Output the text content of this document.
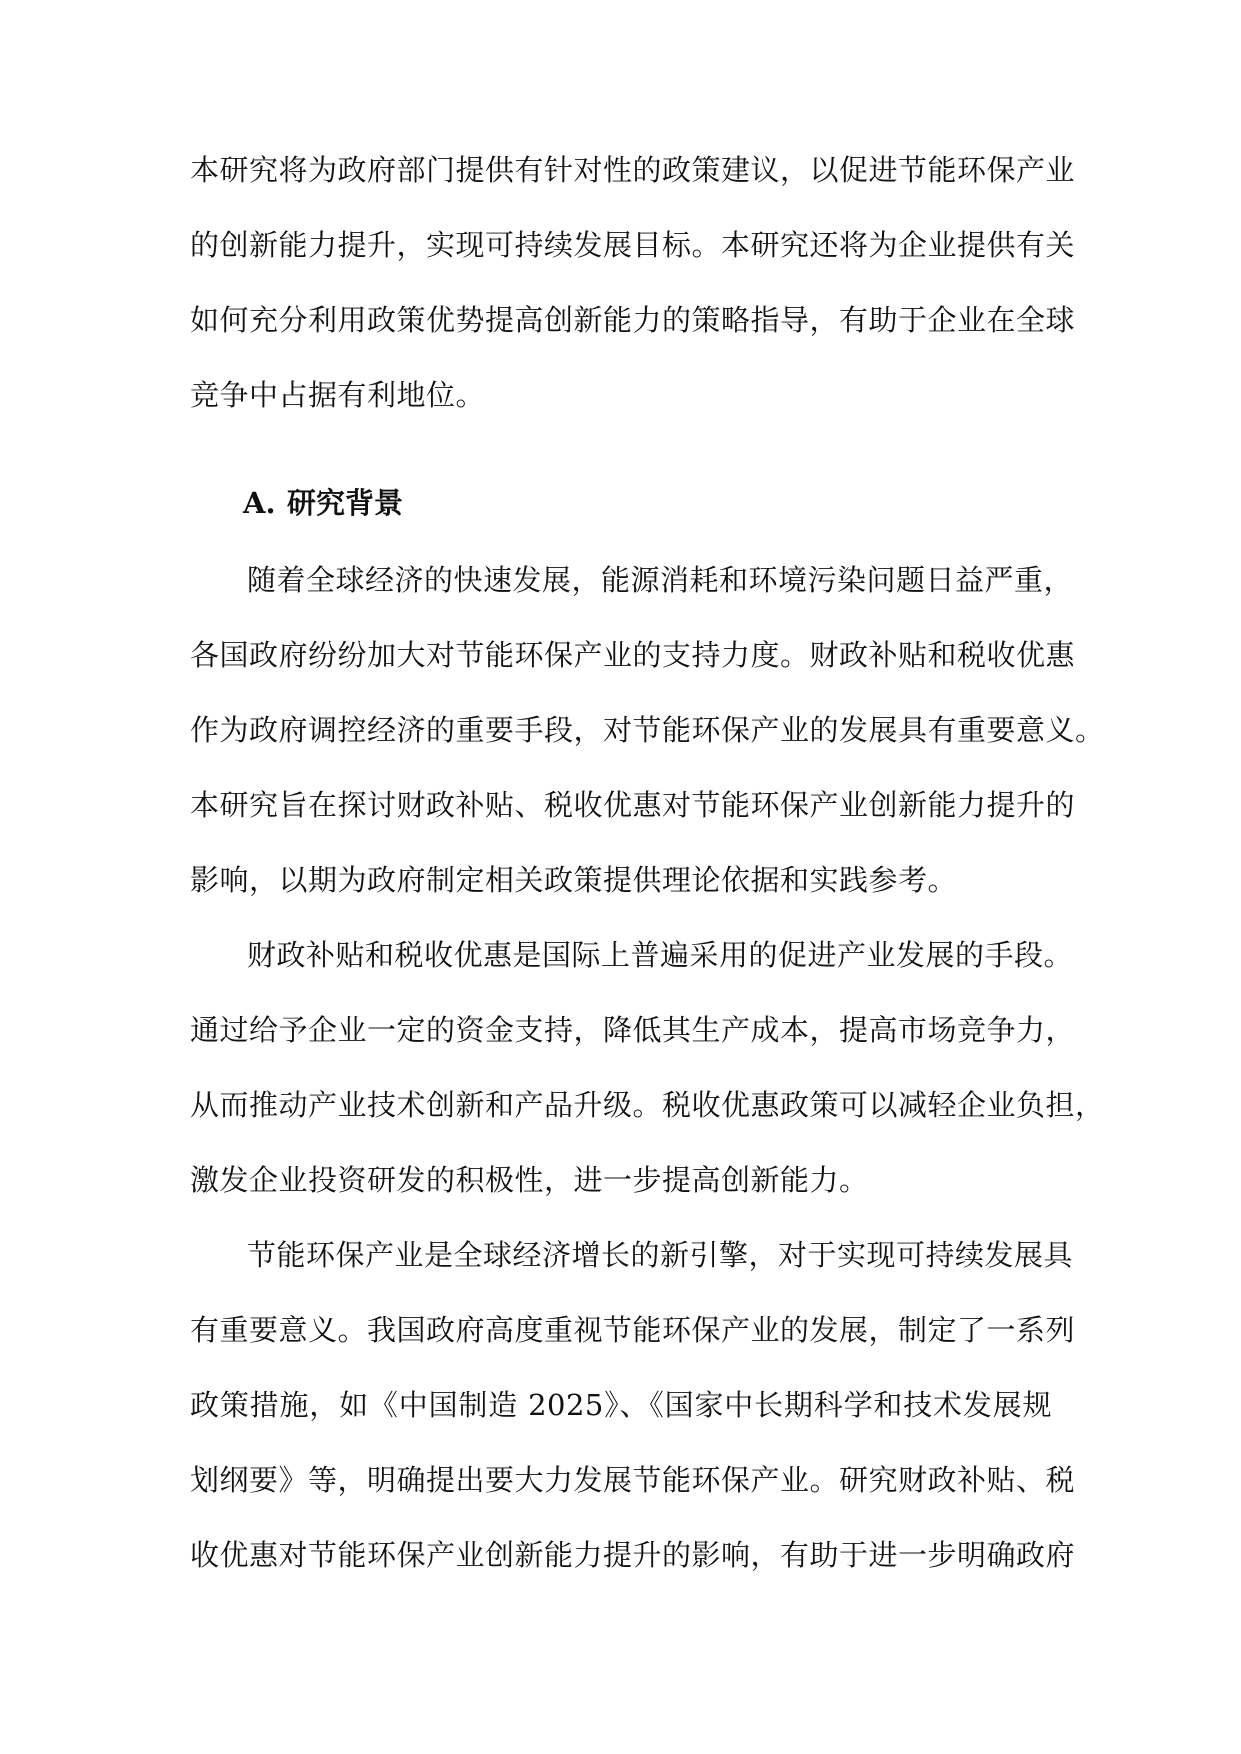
本研究将为政府部门提供有针对性的政策建议，以促进节能环保产业
的创新能力提升，实现可持续发展目标。本研究还将为企业提供有关
如何充分利用政策优势提高创新能力的策略指导，有助于企业在全球
竞争中占据有利地位。
A. 研究背景
随着全球经济的快速发展，能源消耗和环境污染问题日益严重，
各国政府纷纷加大对节能环保产业的支持力度。财政补贴和税收优惠
作为政府调控经济的重要手段，对节能环保产业的发展具有重要意义。
本研究旨在探讨财政补贴、税收优惠对节能环保产业创新能力提升的
影响，以期为政府制定相关政策提供理论依据和实践参考。
财政补贴和税收优惠是国际上普遍采用的促进产业发展的手段。
通过给予企业一定的资金支持，降低其生产成本，提高市场竞争力，
从而推动产业技术创新和产品升级。税收优惠政策可以减轻企业负担，
激发企业投资研发的积极性，进一步提高创新能力。
节能环保产业是全球经济增长的新引擎，对于实现可持续发展具
有重要意义。我国政府高度重视节能环保产业的发展，制定了一系列
政策措施，如《中国制造 2025》、《国家中长期科学和技术发展规
划纲要》等，明确提出要大力发展节能环保产业。研究财政补贴、税
收优惠对节能环保产业创新能力提升的影响，有助于进一步明确政府
